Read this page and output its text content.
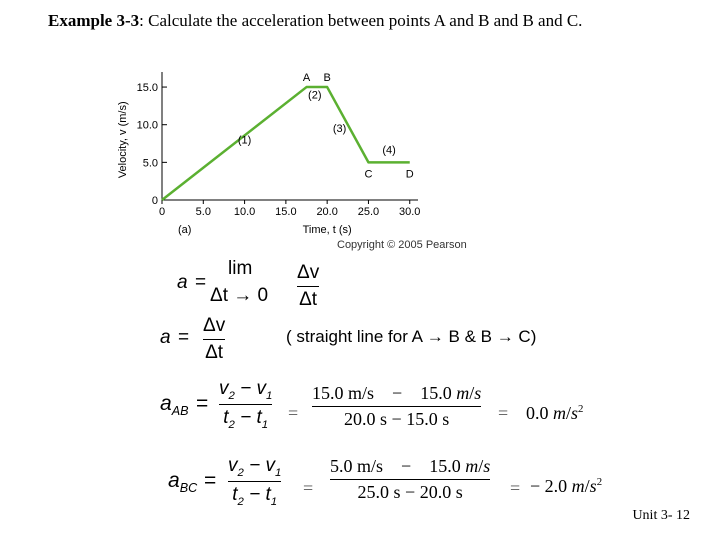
Example 3-3: Calculate the acceleration between points A and B and B and C.
0	5.0 10.0 15.0 20.0 25.0 30.0
0
5.0
10.0
15.0
Time, t (s)
Velocity, v (m/s)
(a)
A B
C	D
(1)
(2)
(3)
(4)
Copyright © 2005 Pearson
a =
lim
Δt → 0
Δv
Δt
a =
Δv
Δt
( straight line for A → B & B → C)
$a_{AB}$ =
$v_2 - v_1$
$t_2 - t_1$
=
15.0 m/s − 15.0 m/s
20.0 s − 15.0 s	= 0.0 $m/s^2$
$a_{BC}$ =
$v_2 - v_1$
$t_2 - t_1$
=
5.0 m/s − 15.0 m/s
25.0 s − 20.0 s	= − 2.0 $m/s^2$
Unit 3- 12
